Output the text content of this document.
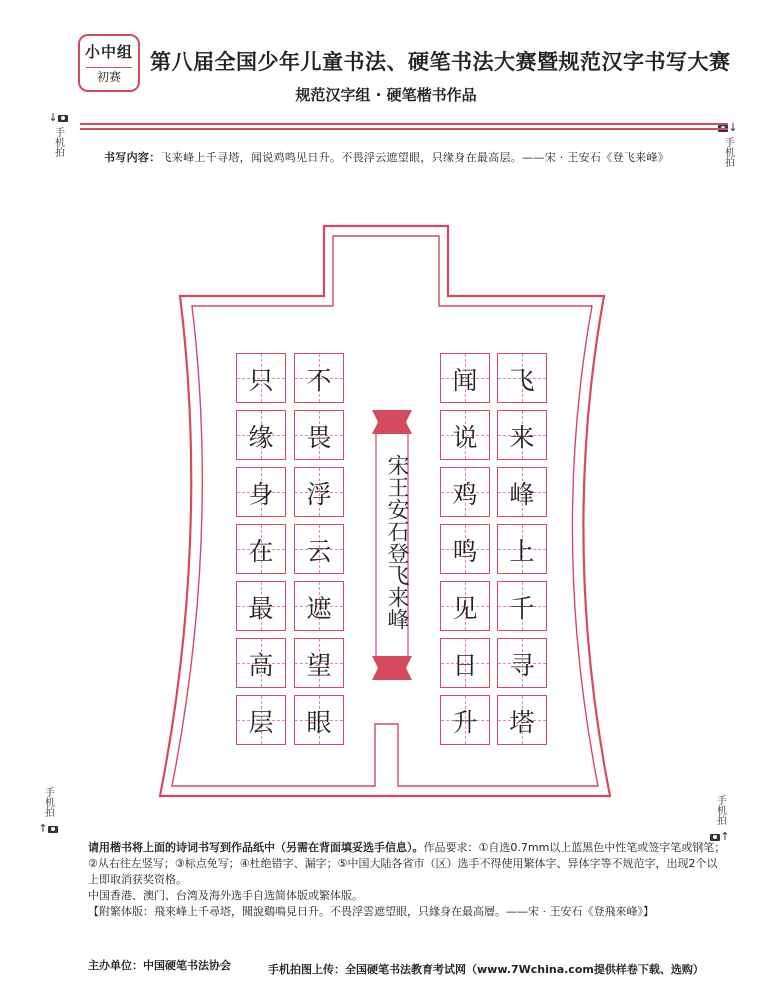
小中组
初赛
第八届全国少年儿童书法、硬笔书法大赛暨规范汉字书写大赛
规范汉字组 · 硬笔楷书作品
↓
手机拍	↓
手机拍
书写内容：飞来峰上千寻塔，闻说鸡鸣见日升。不畏浮云遮望眼，只缘身在最高层。——宋 · 王安石《登飞来峰》
只
缘
身
在
最
高
层
不
畏
浮
云
遮
望
眼
闻
说
鸡
鸣
见
日
升
飞
来
峰
上
千
寻
塔
宋王安石登飞来峰
手机拍
↑
手机拍
↑

请用楷书将上面的诗词书写到作品纸中（另需在背面填妥选手信息）。作品要求：①自选0.7mm以上蓝黑色中性笔或签字笔或钢笔；②从右往左竖写；③标点免写；④杜绝错字、漏字；⑤中国大陆各省市（区）选手不得使用繁体字、异体字等不规范字，出现2个以上即取消获奖资格。

中国香港、澳门、台湾及海外选手自选简体版或繁体版。

【附繁体版：飛來峰上千尋塔，聞說鷄鳴見日升。不畏浮雲遮望眼，只緣身在最高層。——宋 · 王安石《登飛來峰》】

主办单位：中国硬笔书法协会	手机拍图上传：全国硬笔书法教育考试网（www.7Wchina.com提供样卷下载、选购）
